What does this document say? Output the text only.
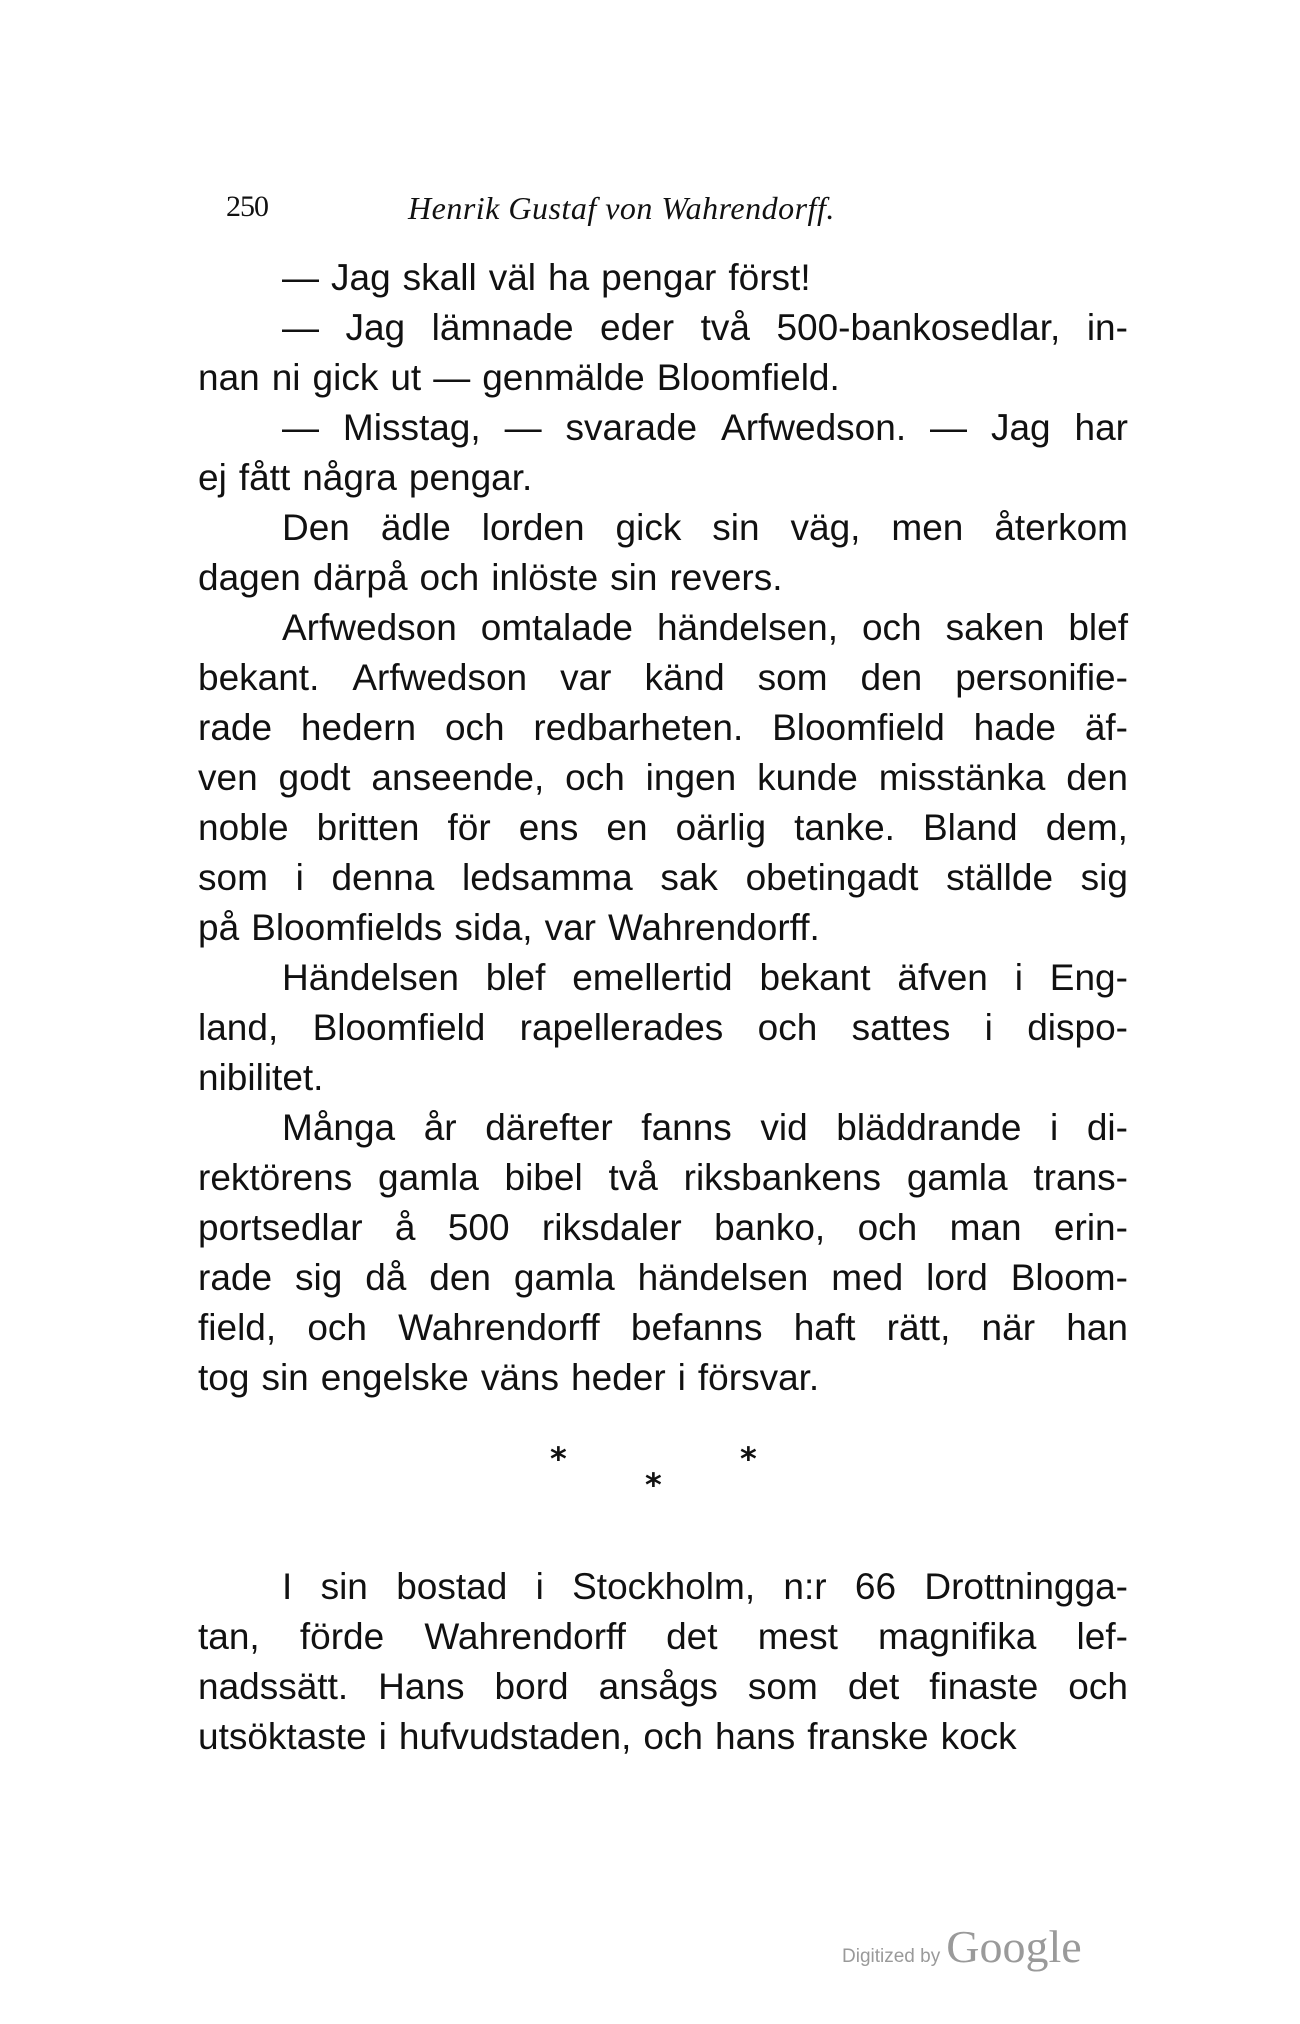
250	Henrik Gustaf von Wahrendorff.
— Jag skall väl ha pengar först!
— Jag lämnade eder två 500-bankosedlar, in-
nan ni gick ut — genmälde Bloomfield.
— Misstag, — svarade Arfwedson. — Jag har
ej fått några pengar.
Den ädle lorden gick sin väg, men återkom
dagen därpå och inlöste sin revers.
Arfwedson omtalade händelsen, och saken blef
bekant. Arfwedson var känd som den personifie-
rade hedern och redbarheten. Bloomfield hade äf-
ven godt anseende, och ingen kunde misstänka den
noble britten för ens en oärlig tanke. Bland dem,
som i denna ledsamma sak obetingadt ställde sig
på Bloomfields sida, var Wahrendorff.
Händelsen blef emellertid bekant äfven i Eng-
land, Bloomfield rapellerades och sattes i dispo-
nibilitet.
Många år därefter fanns vid bläddrande i di-
rektörens gamla bibel två riksbankens gamla trans-
portsedlar å 500 riksdaler banko, och man erin-
rade sig då den gamla händelsen med lord Bloom-
field, och Wahrendorff befanns haft rätt, när han
tog sin engelske väns heder i försvar.
*	*
*
I sin bostad i Stockholm, n:r 66 Drottningga-
tan, förde Wahrendorff det mest magnifika lef-
nadssätt. Hans bord ansågs som det finaste och
utsöktaste i hufvudstaden, och hans franske kock
Digitized by Google
